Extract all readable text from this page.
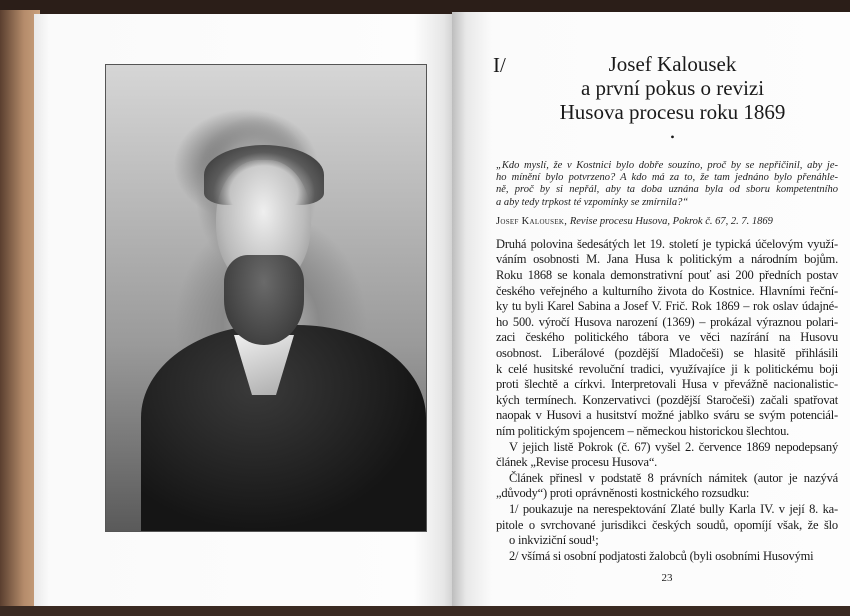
I/	Josef Kalousek
a první pokus o revizi
Husova procesu roku 1869
•
„Kdo myslí, že v Kostnici bylo dobře souzíno, proč by se nepřičinil, aby je-
ho mínění bylo potvrzeno? A kdo má za to, že tam jednáno bylo přenáhle-
ně, proč by si nepřál, aby ta doba uznána byla od sboru kompetentního
a aby tedy trpkost té vzpomínky se zmírnila?“
Josef Kalousek, Revise procesu Husova, Pokrok č. 67, 2. 7. 1869
Druhá polovina šedesátých let 19. století je typická účelovým využí-
váním osobnosti M. Jana Husa k politickým a národním bojům.
Roku 1868 se konala demonstrativní pouť asi 200 předních postav
českého veřejného a kulturního života do Kostnice. Hlavními řeční-
ky tu byli Karel Sabina a Josef V. Frič. Rok 1869 – rok oslav údajné-
ho 500. výročí Husova narození (1369) – prokázal výraznou polari-
zaci českého politického tábora ve věci nazírání na Husovu
osobnost. Liberálové (pozdější Mladočeši) se hlasitě přihlásili
k celé husitské revoluční tradici, využívajíce ji k politickému boji
proti šlechtě a církvi. Interpretovali Husa v převážně nacionalistic-
kých termínech. Konzervativci (pozdější Staročeši) začali spatřovat
naopak v Husovi a husitství možné jablko sváru se svým potenciál-
ním politickým spojencem – německou historickou šlechtou.
V jejich listě Pokrok (č. 67) vyšel 2. července 1869 nepodepsaný
článek „Revise procesu Husova“.
Článek přinesl v podstatě 8 právních námitek (autor je nazývá
„důvody“) proti oprávněnosti kostnického rozsudku:
1/ poukazuje na nerespektování Zlaté bully Karla IV. v její 8. ka-
pitole o svrchované jurisdikci českých soudů, opomíjí však, že šlo
o inkviziční soud¹;
2/ všímá si osobní podjatosti žalobců (byli osobními Husovými
23
